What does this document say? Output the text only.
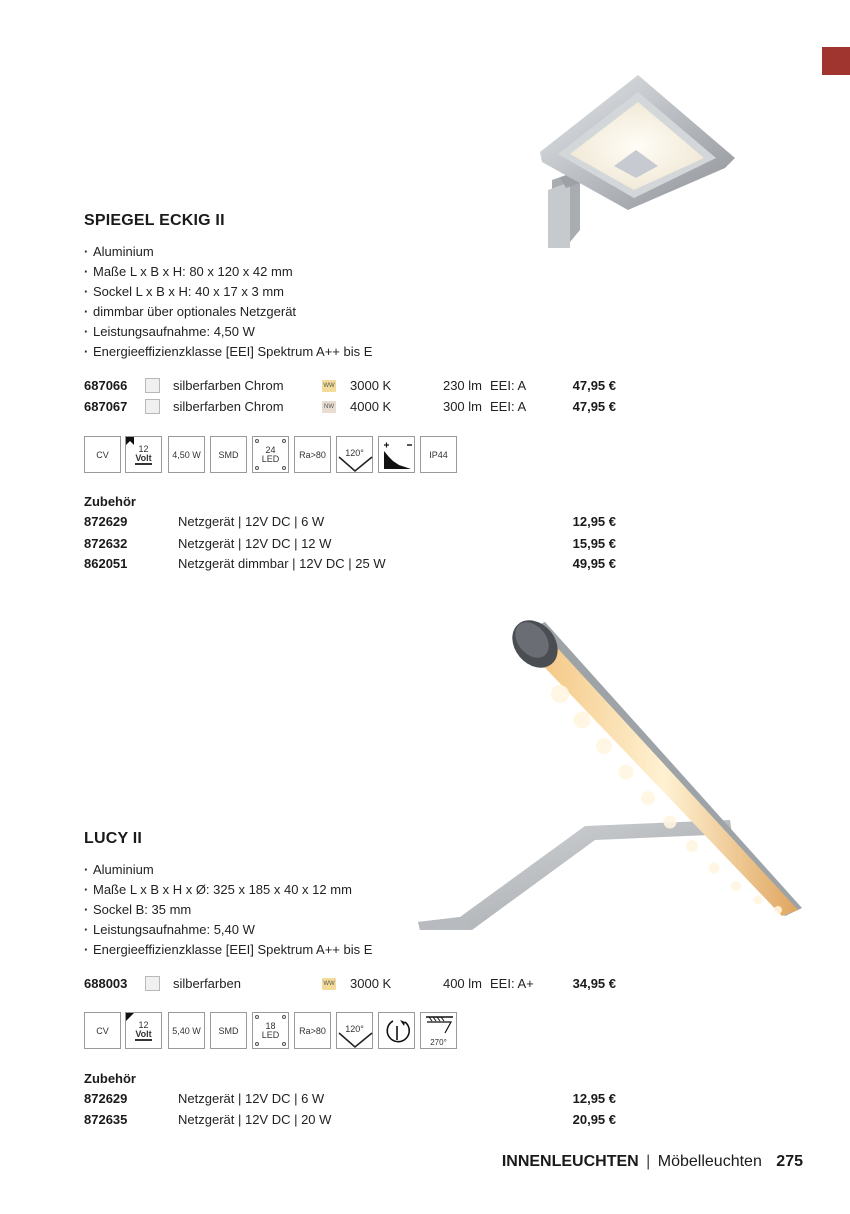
SPIEGEL ECKIG II
· Aluminium
· Maße L x B x H: 80 x 120 x 42 mm
· Sockel L x B x H: 40 x 17 x 3 mm
· dimmbar über optionales Netzgerät
· Leistungsaufnahme: 4,50 W
· Energieeffizienzklasse [EEI] Spektrum A++ bis E
687066	silberfarben Chrom	WW 3000 K	230 lm EEI: A	47,95 €
687067	silberfarben Chrom	NW 4000 K	300 lm EEI: A	47,95 €
CV
12
Volt 4,50 W SMD	24
LED Ra>80 120°	IP44
Zubehör
872629	Netzgerät | 12V DC | 6 W	12,95 €
872632	Netzgerät | 12V DC | 12 W	15,95 €
862051	Netzgerät dimmbar | 12V DC | 25 W	49,95 €
LUCY II
· Aluminium
· Maße L x B x H x Ø: 325 x 185 x 40 x 12 mm
· Sockel B: 35 mm
· Leistungsaufnahme: 5,40 W
· Energieeffizienzklasse [EEI] Spektrum A++ bis E
688003	silberfarben	WW 3000 K	400 lm EEI: A+	34,95 €
CV
12
Volt 5,40 W SMD	18
LED Ra>80 120°
270°
Zubehör
872629	Netzgerät | 12V DC | 6 W	12,95 €
872635	Netzgerät | 12V DC | 20 W	20,95 €
INNENLEUCHTEN | Möbelleuchten 275
